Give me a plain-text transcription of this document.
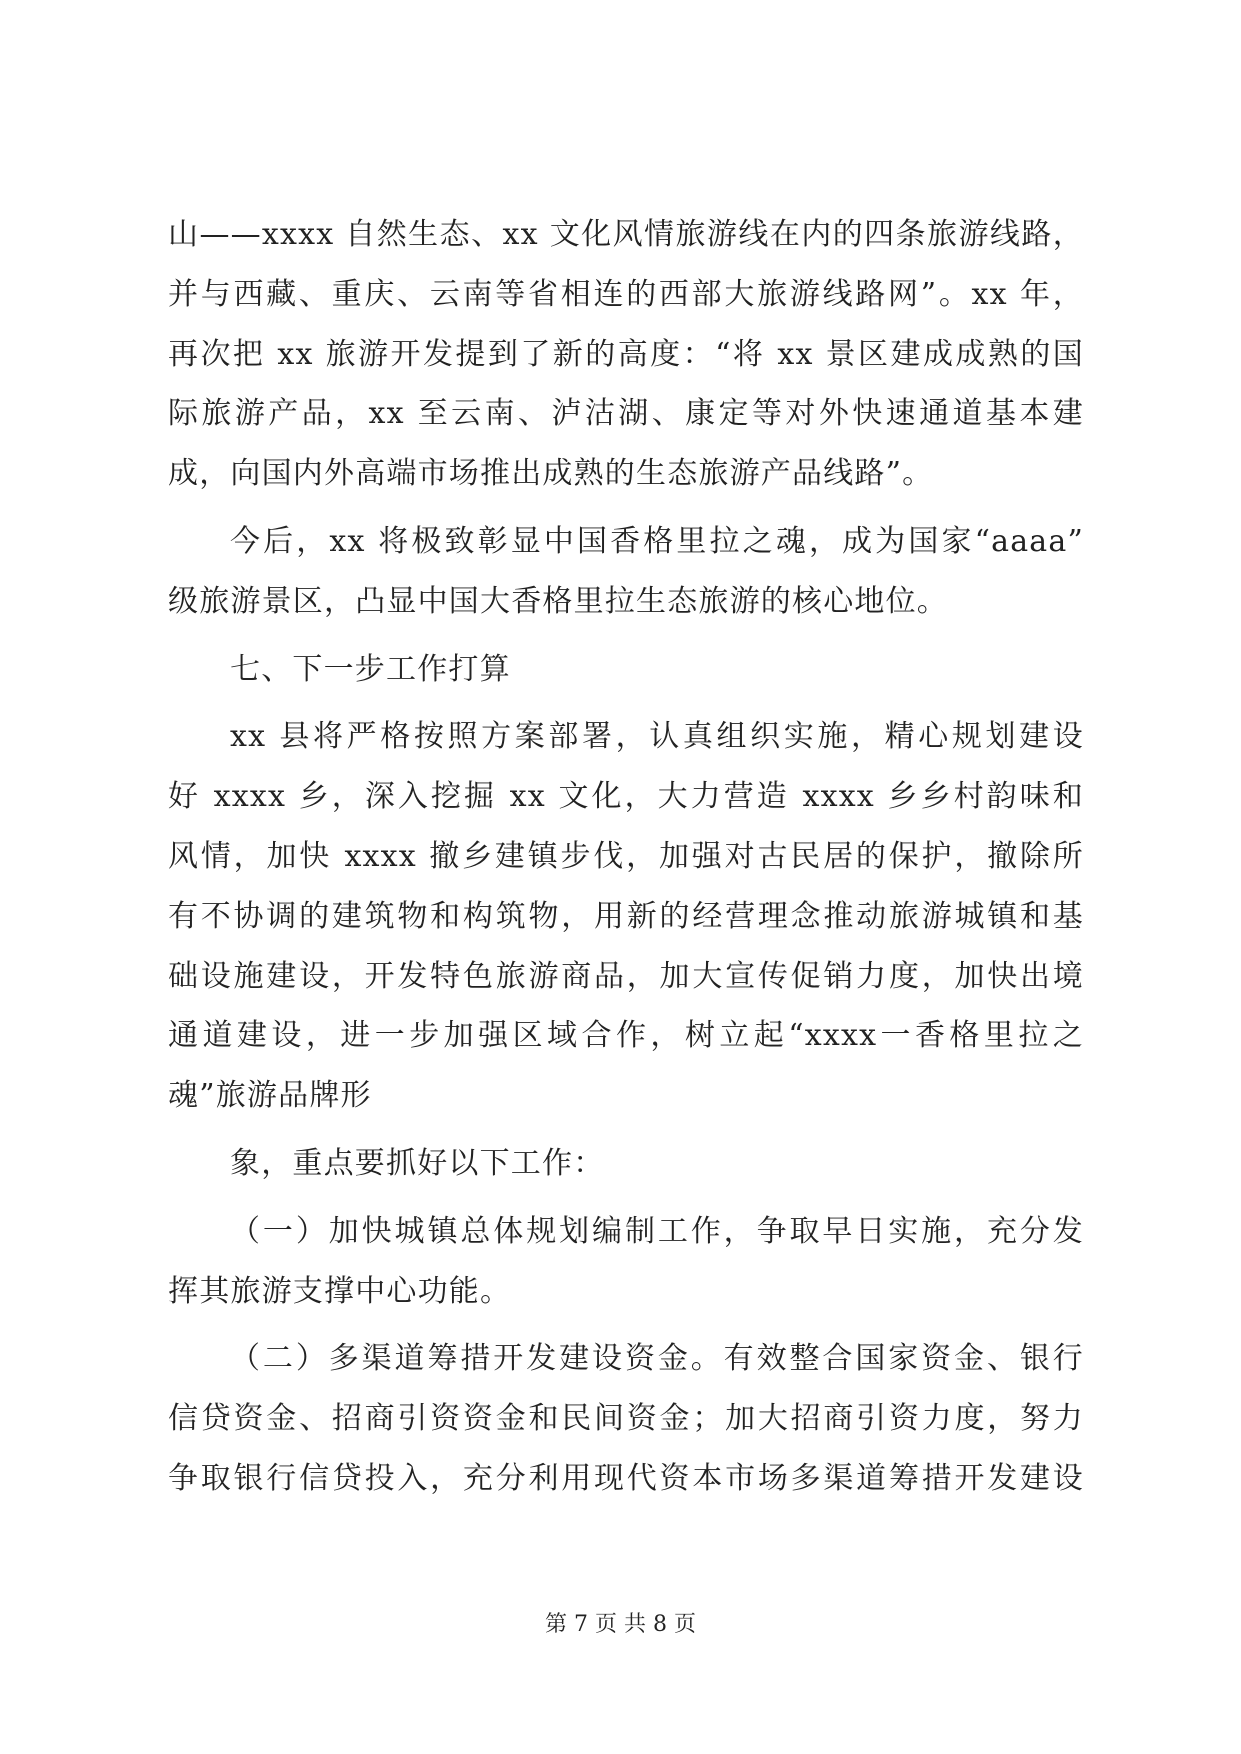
山——xxxx 自然生态、xx 文化风情旅游线在内的四条旅游线路，
并与西藏、重庆、云南等省相连的西部大旅游线路网”。xx 年，
再次把 xx 旅游开发提到了新的高度：“将 xx 景区建成成熟的国
际旅游产品，xx 至云南、泸沽湖、康定等对外快速通道基本建
成，向国内外高端市场推出成熟的生态旅游产品线路”。
今后，xx 将极致彰显中国香格里拉之魂，成为国家“aaaa”
级旅游景区，凸显中国大香格里拉生态旅游的核心地位。
七、下一步工作打算
xx 县将严格按照方案部署，认真组织实施，精心规划建设
好 xxxx 乡，深入挖掘 xx 文化，大力营造 xxxx 乡乡村韵味和
风情，加快 xxxx 撤乡建镇步伐，加强对古民居的保护，撤除所
有不协调的建筑物和构筑物，用新的经营理念推动旅游城镇和基
础设施建设，开发特色旅游商品，加大宣传促销力度，加快出境
通道建设，进一步加强区域合作，树立起“xxxx一香格里拉之
魂”旅游品牌形
象，重点要抓好以下工作：
（一）加快城镇总体规划编制工作，争取早日实施，充分发
挥其旅游支撑中心功能。
（二）多渠道筹措开发建设资金。有效整合国家资金、银行
信贷资金、招商引资资金和民间资金；加大招商引资力度，努力
争取银行信贷投入，充分利用现代资本市场多渠道筹措开发建设
第 7 页 共 8 页
